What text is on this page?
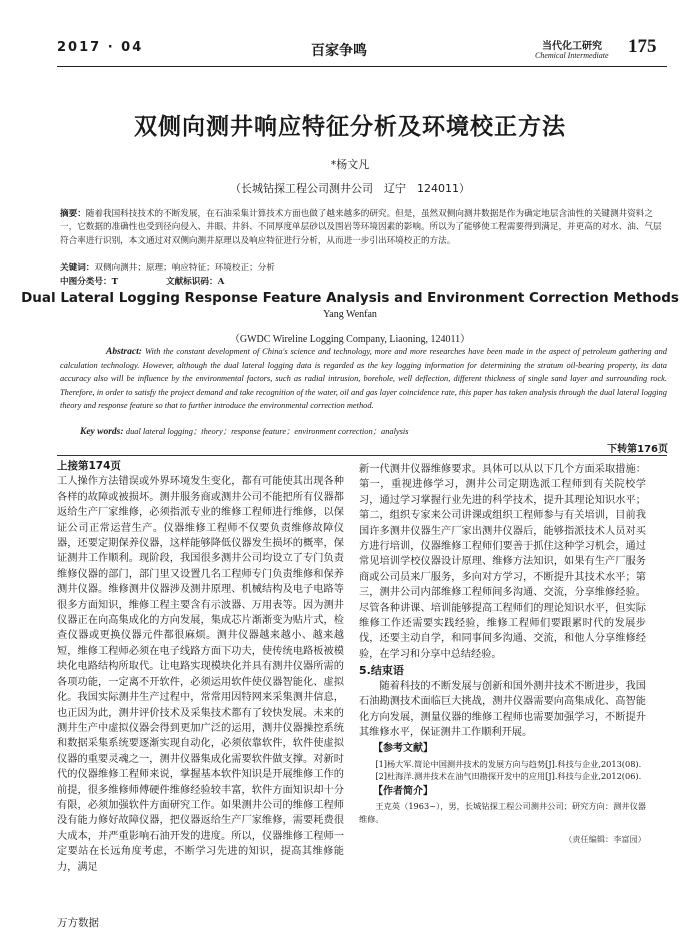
2017 · 04	百家争鸣	当代化工研究
Chemical Intermediate 175
双侧向测井响应特征分析及环境校正方法
*杨文凡
（长城钻探工程公司测井公司　辽宁　124011）
摘要：随着我国科技技术的不断发展，在石油采集计算技术方面也做了越来越多的研究。但是，虽然双侧向测井数据是作为确定地层含油性的关键测井资料之一，它数据的准确性也受到径向侵入、井眼、井斜、不同厚度单层砂以及围岩等环境因素的影响。所以为了能够使工程需要得到满足，并更高的对水、油、气层符合率进行识别，本文通过对双侧向测井原理以及响应特征进行分析，从而进一步引出环境校正的方法。
关键词：双侧向测井；原理；响应特征；环境校正；分析
中图分类号：T	文献标识码：A
Dual Lateral Logging Response Feature Analysis and Environment Correction Methods
Yang Wenfan
（GWDC Wireline Logging Company, Liaoning, 124011）
Abstract: With the constant development of China's science and technology, more and more researches have been made in the aspect of petroleum gathering and calculation technology. However, although the dual lateral logging data is regarded as the key logging information for determining the stratum oil-bearing property, its data accuracy also will be influence by the environmental factors, such as radial intrusion, borehole, well deflection, different thickness of single sand layer and surrounding rock. Therefore, in order to satisfy the project demand and take recognition of the water, oil and gas layer coincidence rate, this paper has taken analysis through the dual lateral logging theory and response feature so that to further introduce the environmental correction method.
Key words: dual lateral logging；theory；response feature；environment correction；analysis
下转第176页
上接第174页

工人操作方法错误或外界环境发生变化，都有可能使其出现各种各样的故障或被损坏。测井服务商或测井公司不能把所有仪器都返给生产厂家维修，必须指派专业的维修工程师进行维修，以保证公司正常运营生产。仪器维修工程师不仅要负责维修故障仪器，还要定期保养仪器，这样能够降低仪器发生损坏的概率，保证测井工作顺利。现阶段，我国很多测井公司均设立了专门负责维修仪器的部门，部门里又设置几名工程师专门负责维修和保养测井仪器。维修测井仪器涉及测井原理、机械结构及电子电路等很多方面知识，维修工程主要含有示波器、万用表等。因为测井仪器正在向高集成化的方向发展，集成芯片渐渐变为贴片式，检查仪器或更换仪器元件都很麻烦。测井仪器越来越小、越来越短，维修工程师必须在电子线路方面下功夫，使传统电路板被模块化电路结构所取代。让电路实现模块化并具有测井仪器所需的各项功能，一定离不开软件，必须运用软件使仪器智能化、虚拟化。我国实际测井生产过程中，常常用因特网来采集测井信息，也正因为此，测井评价技术及采集技术都有了较快发展。未来的测井生产中虚拟仪器会得到更加广泛的运用，测井仪器操控系统和数据采集系统要逐渐实现自动化，必须依靠软件，软件使虚拟仪器的重要灵魂之一，测井仪器集成化需要软件做支撑。对新时代的仪器维修工程师来说，掌握基本软件知识是开展维修工作的前提，很多维修师傅硬件维修经验较丰富，软件方面知识却十分有限，必须加强软件方面研究工作。如果测井公司的维修工程师没有能力修好故障仪器，把仪器返给生产厂家维修，需要耗费很大成本，并严重影响石油开发的进度。所以，仪器维修工程师一定要站在长远角度考虑，不断学习先进的知识，提高其维修能力，满足

新一代测井仪器维修要求。具体可以从以下几个方面采取措施：第一，重视进修学习，测井公司定期选派工程师到有关院校学习，通过学习掌握行业先进的科学技术，提升其理论知识水平；第二，组织专家来公司讲课或组织工程师参与有关培训，目前我国许多测井仪器生产厂家出测井仪器后，能够指派技术人员对买方进行培训，仪器维修工程师们要善于抓住这种学习机会，通过常见培训学校仪器设计原理、维修方法知识，如果有生产厂服务商或公司员来厂服务，多向对方学习，不断提升其技术水平；第三，测井公司内部维修工程师间多沟通、交流，分享维修经验。尽管各种讲课、培训能够提高工程师们的理论知识水平，但实际维修工作还需要实践经验，维修工程师们要跟累时代的发展步伐，还要主动自学，和同事间多沟通、交流，和他人分享维修经验，在学习和分享中总结经验。

5.结束语

随着科技的不断发展与创新和国外测井技术不断进步，我国石油勘测技术面临巨大挑战，测井仪器需要向高集成化、高智能化方向发展，测量仪器的维修工程师也需要加强学习，不断提升其维修水平，保证测井工作顺利开展。

【参考文献】

[1]杨大军.简论中国测井技术的发展方向与趋势[J].科技与企业,2013(08).

[2]杜海洋.测井技术在油气田勘探开发中的应用[J].科技与企业,2012(06).

【作者简介】

王克英（1963~），男，长城钻探工程公司测井公司；研究方向：测井仪器维修。

（责任编辑：李富园）
万方数据
